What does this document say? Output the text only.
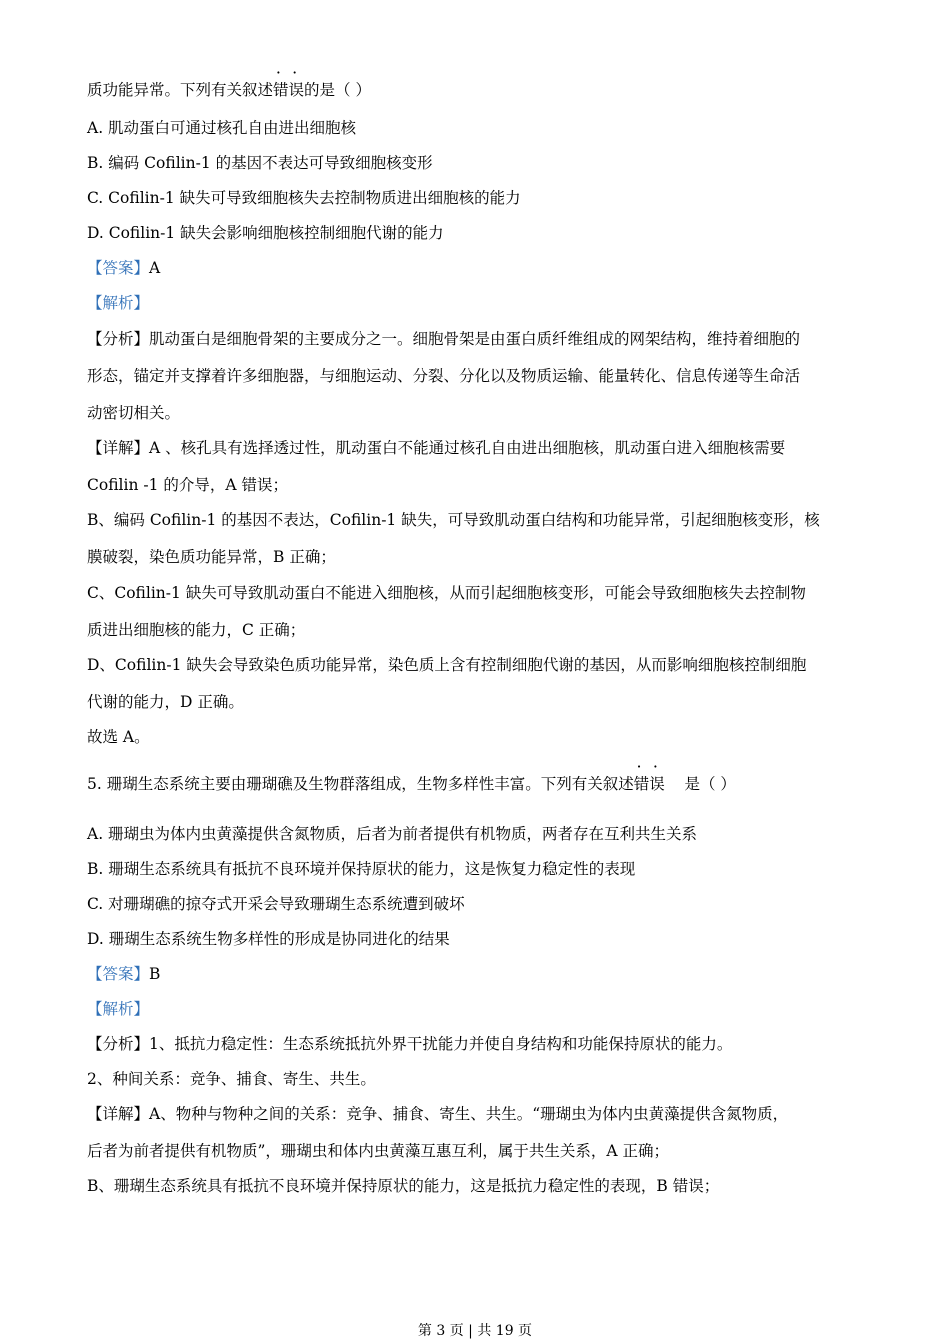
质功能异常。下列有关叙述· · 错误的是（ ）

A. 肌动蛋白可通过核孔自由进出细胞核

B. 编码 Cofilin-1 的基因不表达可导致细胞核变形

C. Cofilin-1 缺失可导致细胞核失去控制物质进出细胞核的能力

D. Cofilin-1 缺失会影响细胞核控制细胞代谢的能力

【答案】A

【解析】

【分析】肌动蛋白是细胞骨架的主要成分之一。细胞骨架是由蛋白质纤维组成的网架结构，维持着细胞的

形态，锚定并支撑着许多细胞器，与细胞运动、分裂、分化以及物质运输、能量转化、信息传递等生命活

动密切相关。

【详解】A 、核孔具有选择透过性，肌动蛋白不能通过核孔自由进出细胞核，肌动蛋白进入细胞核需要

Cofilin -1 的介导，A 错误；

B、编码 Cofilin-1 的基因不表达，Cofilin-1 缺失，可导致肌动蛋白结构和功能异常，引起细胞核变形，核

膜破裂，染色质功能异常，B 正确；

C、Cofilin-1 缺失可导致肌动蛋白不能进入细胞核，从而引起细胞核变形，可能会导致细胞核失去控制物

质进出细胞核的能力，C 正确；

D、Cofilin-1 缺失会导致染色质功能异常，染色质上含有控制细胞代谢的基因，从而影响细胞核控制细胞

代谢的能力，D 正确。

故选 A。

5. 珊瑚生态系统主要由珊瑚礁及生物群落组成，生物多样性丰富。下列有关叙述· · 错误 是（ ）

A. 珊瑚虫为体内虫黄藻提供含氮物质，后者为前者提供有机物质，两者存在互利共生关系

B. 珊瑚生态系统具有抵抗不良环境并保持原状的能力，这是恢复力稳定性的表现

C. 对珊瑚礁的掠夺式开采会导致珊瑚生态系统遭到破坏

D. 珊瑚生态系统生物多样性的形成是协同进化的结果

【答案】B

【解析】

【分析】1、抵抗力稳定性：生态系统抵抗外界干扰能力并使自身结构和功能保持原状的能力。

2、种间关系：竞争、捕食、寄生、共生。

【详解】A、物种与物种之间的关系：竞争、捕食、寄生、共生。“珊瑚虫为体内虫黄藻提供含氮物质，

后者为前者提供有机物质”，珊瑚虫和体内虫黄藻互惠互利，属于共生关系，A 正确；

B、珊瑚生态系统具有抵抗不良环境并保持原状的能力，这是抵抗力稳定性的表现，B 错误；

第 3 页 | 共 19 页
